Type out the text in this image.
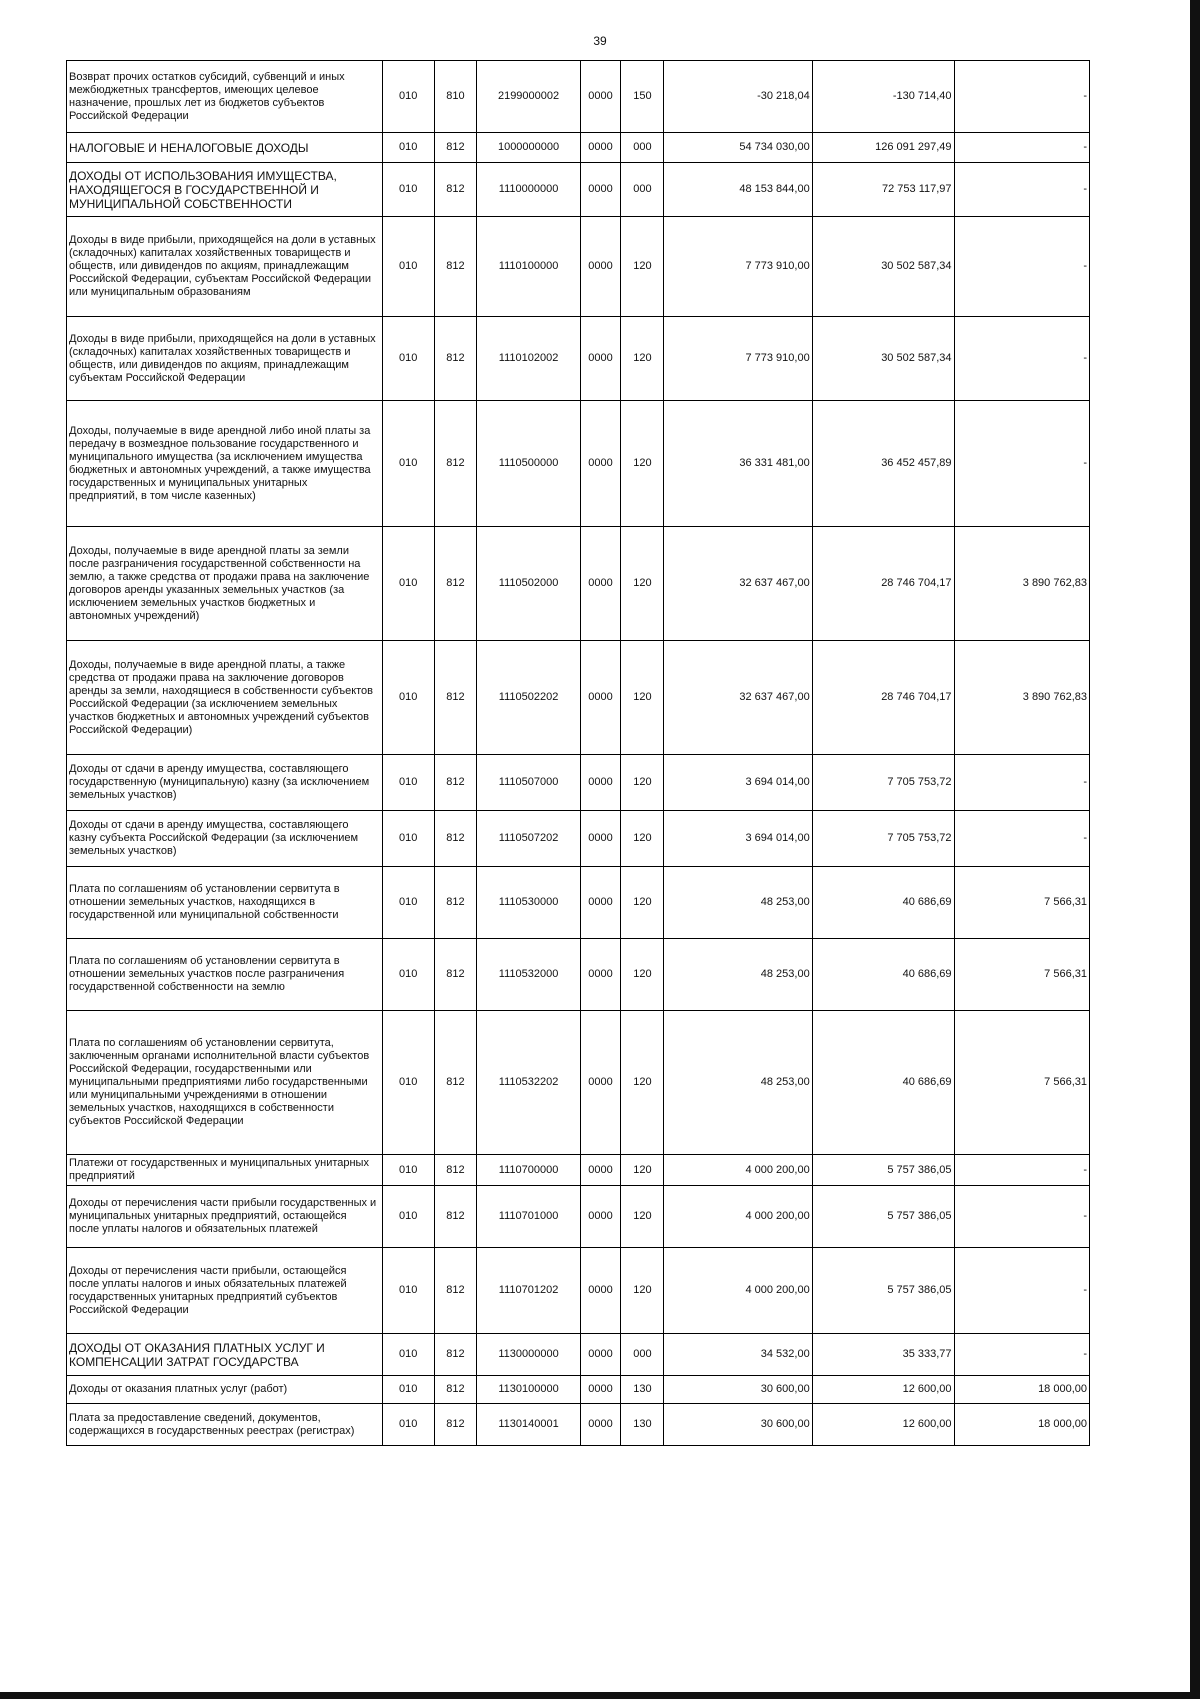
39
Возврат прочих остатков субсидий, субвенций и иных межбюджетных трансфертов, имеющих целевое назначение, прошлых лет из бюджетов субъектов Российской Федерации	010	810	2199000002	0000	150	-30 218,04	-130 714,40	-
НАЛОГОВЫЕ И НЕНАЛОГОВЫЕ ДОХОДЫ	010	812	1000000000	0000	000	54 734 030,00	126 091 297,49	-
ДОХОДЫ ОТ ИСПОЛЬЗОВАНИЯ ИМУЩЕСТВА, НАХОДЯЩЕГОСЯ В ГОСУДАРСТВЕННОЙ И МУНИЦИПАЛЬНОЙ СОБСТВЕННОСТИ	010	812	1110000000	0000	000	48 153 844,00	72 753 117,97	-
Доходы в виде прибыли, приходящейся на доли в уставных (складочных) капиталах хозяйственных товариществ и обществ, или дивидендов по акциям, принадлежащим Российской Федерации, субъектам Российской Федерации или муниципальным образованиям	010	812	1110100000	0000	120	7 773 910,00	30 502 587,34	-
Доходы в виде прибыли, приходящейся на доли в уставных (складочных) капиталах хозяйственных товариществ и обществ, или дивидендов по акциям, принадлежащим субъектам Российской Федерации	010	812	1110102002	0000	120	7 773 910,00	30 502 587,34	-
Доходы, получаемые в виде арендной либо иной платы за передачу в возмездное пользование государственного и муниципального имущества (за исключением имущества бюджетных и автономных учреждений, а также имущества государственных и муниципальных унитарных предприятий, в том числе казенных)	010	812	1110500000	0000	120	36 331 481,00	36 452 457,89	-
Доходы, получаемые в виде арендной платы за земли после разграничения государственной собственности на землю, а также средства от продажи права на заключение договоров аренды указанных земельных участков (за исключением земельных участков бюджетных и автономных учреждений)	010	812	1110502000	0000	120	32 637 467,00	28 746 704,17	3 890 762,83
Доходы, получаемые в виде арендной платы, а также средства от продажи права на заключение договоров аренды за земли, находящиеся в собственности субъектов Российской Федерации (за исключением земельных участков бюджетных и автономных учреждений субъектов Российской Федерации)	010	812	1110502202	0000	120	32 637 467,00	28 746 704,17	3 890 762,83
Доходы от сдачи в аренду имущества, составляющего государственную (муниципальную) казну (за исключением земельных участков)	010	812	1110507000	0000	120	3 694 014,00	7 705 753,72	-
Доходы от сдачи в аренду имущества, составляющего казну субъекта Российской Федерации (за исключением земельных участков)	010	812	1110507202	0000	120	3 694 014,00	7 705 753,72	-
Плата по соглашениям об установлении сервитута в отношении земельных участков, находящихся в государственной или муниципальной собственности	010	812	1110530000	0000	120	48 253,00	40 686,69	7 566,31
Плата по соглашениям об установлении сервитута в отношении земельных участков после разграничения государственной собственности на землю	010	812	1110532000	0000	120	48 253,00	40 686,69	7 566,31
Плата по соглашениям об установлении сервитута, заключенным органами исполнительной власти субъектов Российской Федерации, государственными или муниципальными предприятиями либо государственными или муниципальными учреждениями в отношении земельных участков, находящихся в собственности субъектов Российской Федерации	010	812	1110532202	0000	120	48 253,00	40 686,69	7 566,31
Платежи от государственных и муниципальных унитарных предприятий	010	812	1110700000	0000	120	4 000 200,00	5 757 386,05	-
Доходы от перечисления части прибыли государственных и муниципальных унитарных предприятий, остающейся после уплаты налогов и обязательных платежей	010	812	1110701000	0000	120	4 000 200,00	5 757 386,05	-
Доходы от перечисления части прибыли, остающейся после уплаты налогов и иных обязательных платежей государственных унитарных предприятий субъектов Российской Федерации	010	812	1110701202	0000	120	4 000 200,00	5 757 386,05	-
ДОХОДЫ ОТ ОКАЗАНИЯ ПЛАТНЫХ УСЛУГ И КОМПЕНСАЦИИ ЗАТРАТ ГОСУДАРСТВА	010	812	1130000000	0000	000	34 532,00	35 333,77	-
Доходы от оказания платных услуг (работ)	010	812	1130100000	0000	130	30 600,00	12 600,00	18 000,00
Плата за предоставление сведений, документов, содержащихся в государственных реестрах (регистрах)	010	812	1130140001	0000	130	30 600,00	12 600,00	18 000,00
